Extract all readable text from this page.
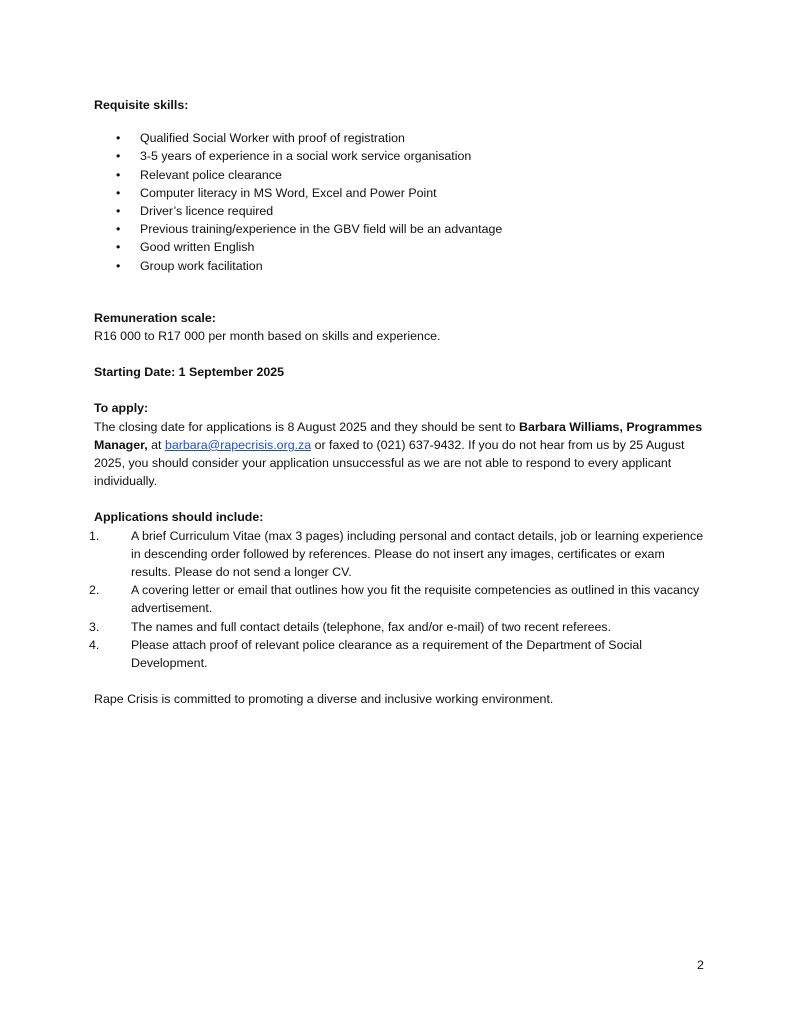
Requisite skills:

• Qualified Social Worker with proof of registration
• 3-5 years of experience in a social work service organisation
• Relevant police clearance
• Computer literacy in MS Word, Excel and Power Point
• Driver’s licence required
• Previous training/experience in the GBV field will be an advantage
• Good written English
• Group work facilitation

Remuneration scale:

R16 000 to R17 000 per month based on skills and experience.

Starting Date: 1 September 2025

To apply:

The closing date for applications is 8 August 2025 and they should be sent to Barbara Williams, Programmes Manager, at barbara@rapecrisis.org.za or faxed to (021) 637-9432. If you do not hear from us by 25 August 2025, you should consider your application unsuccessful as we are not able to respond to every applicant individually.

Applications should include:

1.	A brief Curriculum Vitae (max 3 pages) including personal and contact details, job or learning experience in descending order followed by references. Please do not insert any images, certificates or exam results. Please do not send a longer CV.
2.	A covering letter or email that outlines how you fit the requisite competencies as outlined in this vacancy advertisement.
3.	The names and full contact details (telephone, fax and/or e-mail) of two recent referees.
4.	Please attach proof of relevant police clearance as a requirement of the Department of Social Development.

Rape Crisis is committed to promoting a diverse and inclusive working environment.

2
